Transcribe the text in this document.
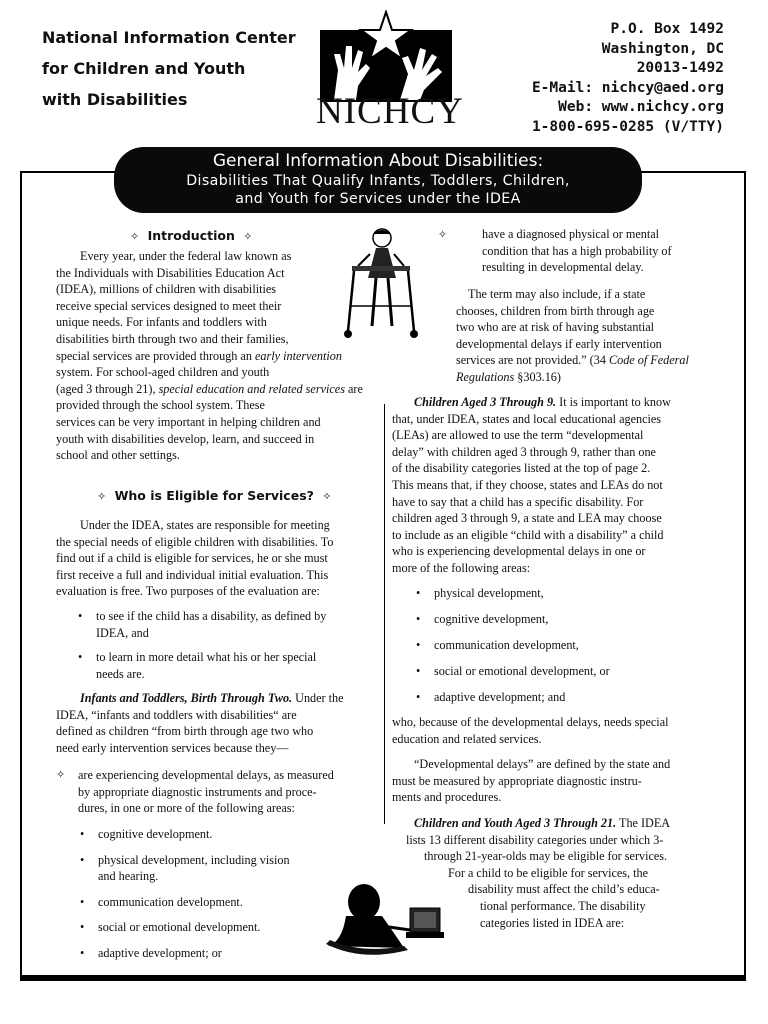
National Information Center
for Children and Youth
with Disabilities	NICHCY
P.O. Box 1492
Washington, DC
20013-1492
E-Mail: nichcy@aed.org
Web: www.nichcy.org
1-800-695-0285 (V/TTY)
General Information About Disabilities:
Disabilities That Qualify Infants, Toddlers, Children,
and Youth for Services under the IDEA
✧ Introduction ✧
Every year, under the federal law known as
the Individuals with Disabilities Education Act
(IDEA), millions of children with disabilities
receive special services designed to meet their
unique needs. For infants and toddlers with
disabilities birth through two and their families,
special services are provided through an early intervention system. For school-aged children and youth
(aged 3 through 21), special education and related services are provided through the school system. These
services can be very important in helping children and
youth with disabilities develop, learn, and succeed in
school and other settings.
✧ Who is Eligible for Services? ✧
Under the IDEA, states are responsible for meeting
the special needs of eligible children with disabilities. To
find out if a child is eligible for services, he or she must
first receive a full and individual initial evaluation. This
evaluation is free. Two purposes of the evaluation are:
• to see if the child has a disability, as defined by
IDEA, and
• to learn in more detail what his or her special
needs are.
Infants and Toddlers, Birth Through Two. Under the
IDEA, “infants and toddlers with disabilities“ are
defined as children “from birth through age two who
need early intervention services because they—
✧ are experiencing developmental delays, as measured
by appropriate diagnostic instruments and proce-
dures, in one or more of the following areas:
• cognitive development.
• physical development, including vision
and hearing.
• communication development.
• social or emotional development.
• adaptive development; or
✧	have a diagnosed physical or mental
condition that has a high probability of
resulting in developmental delay.
The term may also include, if a state
chooses, children from birth through age
two who are at risk of having substantial
developmental delays if early intervention
services are not provided.” (34 Code of Federal Regulations §303.16)
Children Aged 3 Through 9. It is important to know
that, under IDEA, states and local educational agencies
(LEAs) are allowed to use the term “developmental
delay” with children aged 3 through 9, rather than one
of the disability categories listed at the top of page 2.
This means that, if they choose, states and LEAs do not
have to say that a child has a specific disability. For
children aged 3 through 9, a state and LEA may choose
to include as an eligible “child with a disability” a child
who is experiencing developmental delays in one or
more of the following areas:
• physical development,
• cognitive development,
• communication development,
• social or emotional development, or
• adaptive development; and
who, because of the developmental delays, needs special
education and related services.
“Developmental delays” are defined by the state and
must be measured by appropriate diagnostic instru-
ments and procedures.
Children and Youth Aged 3 Through 21. The IDEA
lists 13 different disability categories under which 3-
through 21-year-olds may be eligible for services.
For a child to be eligible for services, the
disability must affect the child’s educa-
tional performance. The disability
categories listed in IDEA are:
